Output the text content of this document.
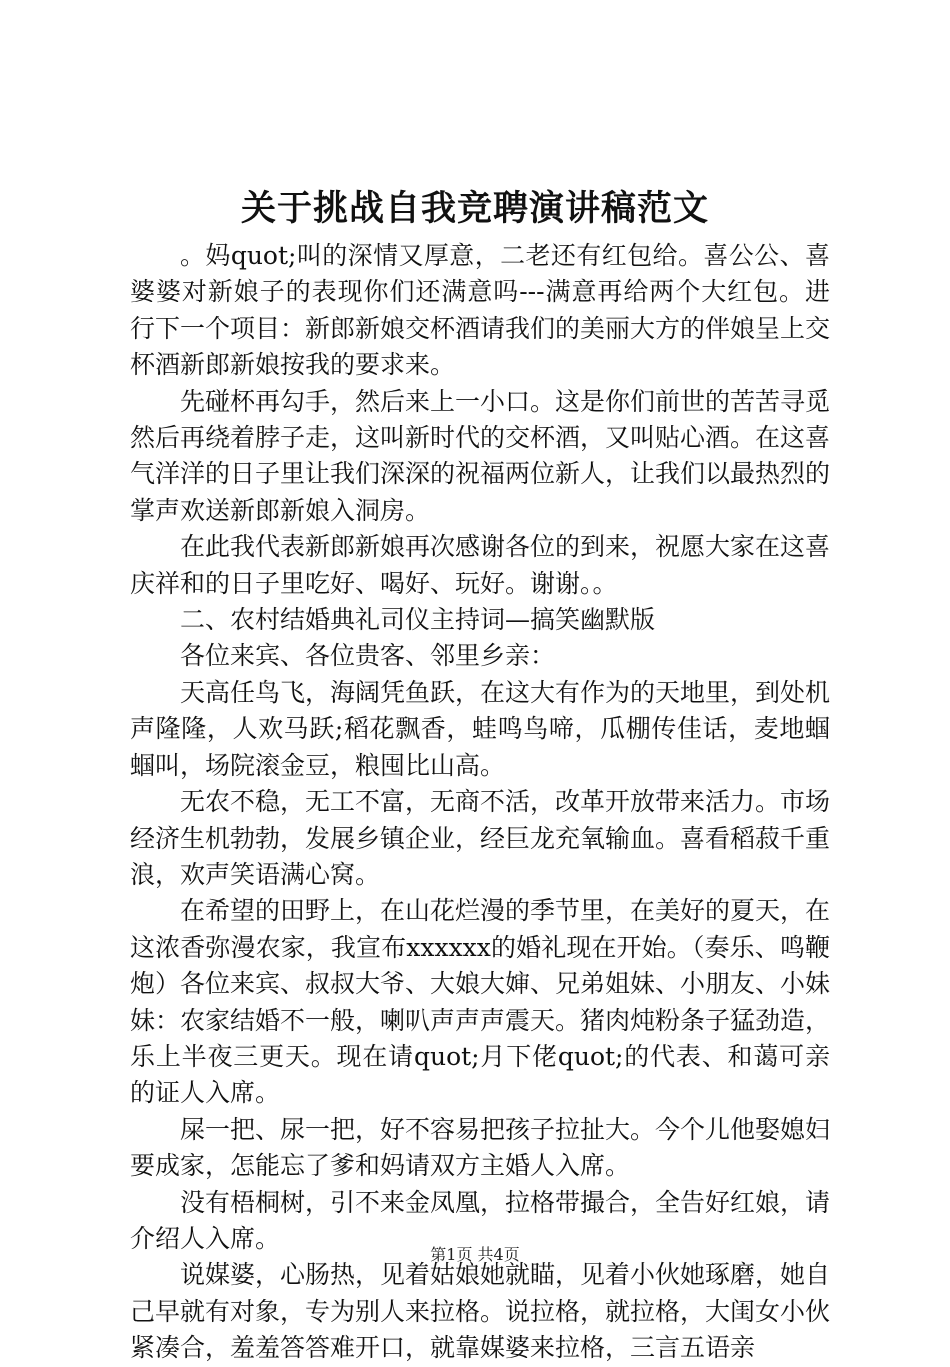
关于挑战自我竞聘演讲稿范文

。妈quot;叫的深情又厚意，二老还有红包给。喜公公、喜婆婆对新娘子的表现你们还满意吗---满意再给两个大红包。进行下一个项目：新郎新娘交杯酒请我们的美丽大方的伴娘呈上交杯酒新郎新娘按我的要求来。

先碰杯再勾手，然后来上一小口。这是你们前世的苦苦寻觅然后再绕着脖子走，这叫新时代的交杯酒，又叫贴心酒。在这喜气洋洋的日子里让我们深深的祝福两位新人，让我们以最热烈的掌声欢送新郎新娘入洞房。

在此我代表新郎新娘再次感谢各位的到来，祝愿大家在这喜庆祥和的日子里吃好、喝好、玩好。谢谢。。

二、农村结婚典礼司仪主持词—搞笑幽默版

各位来宾、各位贵客、邻里乡亲：

天高任鸟飞，海阔凭鱼跃，在这大有作为的天地里，到处机声隆隆，人欢马跃;稻花飘香，蛙鸣鸟啼，瓜棚传佳话，麦地蝈蝈叫，场院滚金豆，粮囤比山高。

无农不稳，无工不富，无商不活，改革开放带来活力。市场经济生机勃勃，发展乡镇企业，经巨龙充氧输血。喜看稻菽千重浪，欢声笑语满心窝。

在希望的田野上，在山花烂漫的季节里，在美好的夏天，在这浓香弥漫农家，我宣布xxxxxx的婚礼现在开始。（奏乐、鸣鞭炮）各位来宾、叔叔大爷、大娘大婶、兄弟姐妹、小朋友、小妹妹：农家结婚不一般，喇叭声声声震天。猪肉炖粉条子猛劲造，乐上半夜三更天。现在请quot;月下佬quot;的代表、和蔼可亲的证人入席。

屎一把、尿一把，好不容易把孩子拉扯大。今个儿他娶媳妇要成家，怎能忘了爹和妈请双方主婚人入席。

没有梧桐树，引不来金凤凰，拉格带撮合，全告好红娘，请介绍人入席。

说媒婆，心肠热，见着姑娘她就瞄，见着小伙她琢磨，她自己早就有对象，专为别人来拉格。说拉格，就拉格，大闺女小伙紧凑合，羞羞答答难开口，就靠媒婆来拉格，三言五语亲

第1页 共4页
